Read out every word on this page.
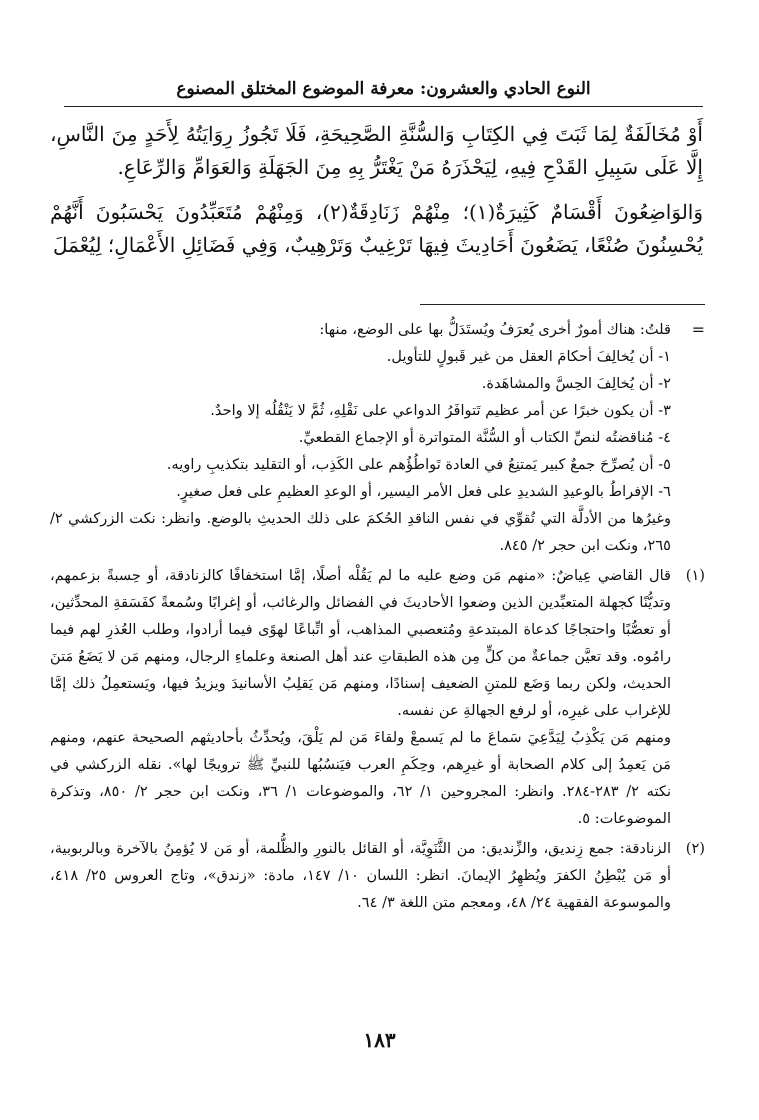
النوع الحادي والعشرون: معرفة الموضوع المختلق المصنوع

أَوْ مُخَالَفَةٌ لِمَا ثَبَتَ فِي الكِتَابِ وَالسُّنَّةِ الصَّحِيحَةِ، فَلَا تَجُوزُ رِوَايَتُهُ لِأَحَدٍ مِنَ النَّاسِ، إِلَّا عَلَى سَبِيلِ القَدْحِ فِيهِ، لِيَحْذَرَهُ مَنْ يَغْتَرُّ بِهِ مِنَ الجَهَلَةِ وَالعَوَامِّ وَالرِّعَاعِ.

وَالوَاضِعُونَ أَقْسَامٌ كَثِيرَةٌ(١)؛ مِنْهُمْ زَنَادِقَةٌ(٢)، وَمِنْهُمْ مُتَعَبِّدُونَ يَحْسَبُونَ أَنَّهُمْ يُحْسِنُونَ صُنْعًا، يَضَعُونَ أَحَادِيثَ فِيهَا تَرْغِيبٌ وَتَرْهِيبٌ، وَفِي فَضَائِلِ الأَعْمَالِ؛ لِيُعْمَلَ

=
قلتُ: هناك أمورٌ أخرى يُعرَفُ ويُستَدَلُّ بها على الوضع، منها:
١- أن يُخالِفَ أحكامَ العقل من غير قَبولٍ للتأويل.
٢- أن يُخالِفَ الحِسَّ والمشاهَدة.
٣- أن يكون خبرًا عن أمر عظيم تَتوافَرُ الدواعي على نَقْلِهِ، ثُمَّ لا يَنْقُلُه إلا واحدٌ.
٤- مُناقضتُه لنصِّ الكتاب أو السُّنَّة المتواترة أو الإجماع القطعيِّ.
٥- أن يُصرِّحَ جمعٌ كبير يَمتنِعُ في العادة تَواطُؤُهم على الكَذِب، أو التقليد بتكذيبِ راويه.
٦- الإفراطُ بالوعيدِ الشديدِ على فعل الأمر اليسير، أو الوعدِ العظيمِ على فعل صغيرٍ.
وغيرُها من الأدلَّة التي تُقوِّي في نفس الناقدِ الحُكمَ على ذلك الحديثِ بالوضع. وانظر: نكت الزركشي ٢/ ٢٦٥، ونكت ابن حجر ٢/ ٨٤٥.
(١)
قال القاضي عِياضٌ: «منهم مَن وضع عليه ما لم يَقُلْه أصلًا، إمَّا استخفافًا كالزنادقة، أو حِسبةً بزعمهم، وتديُّنًا كجهلة المتعبِّدين الذين وضعوا الأحاديثَ في الفضائل والرغائب، أو إغرابًا وسُمعةً كفَسَقةِ المحدِّثين، أو تعصُّبًا واحتجاجًا كدعاة المبتدعةِ ومُتعصبي المذاهب، أو اتِّباعًا لهوًى فيما أرادوا، وطلب العُذرِ لهم فيما رامُوه. وقد تعيَّن جماعةٌ من كلٍّ مِن هذه الطبقاتِ عند أهل الصنعة وعلماءِ الرجال، ومنهم مَن لا يَضَعُ مَتنَ الحديث، ولكن ربما وَضَع للمتنِ الضعيف إسنادًا، ومنهم مَن يَقلِبُ الأسانيدَ ويزيدُ فيها، ويَستعمِلُ ذلك إمَّا للإغراب على غيرِه، أو لرفع الجهالةِ عن نفسه.
ومنهم مَن يَكْذِبُ لِيَدَّعِيَ سَماعَ ما لم يَسمعْ ولقاءَ مَن لم يَلْقَ، ويُحدِّثُ بأحاديثهم الصحيحة عنهم، ومنهم مَن يَعمِدُ إلى كلام الصحابة أو غيرِهم، وحِكَمِ العرب فيَنسُبُها للنبيِّ ﷺ ترويجًا لها». نقله الزركشي في نكته ٢/ ٢٨٣-٢٨٤. وانظر: المجروحين ١/ ٦٢، والموضوعات ١/ ٣٦، ونكت ابن حجر ٢/ ٨٥٠، وتذكرة الموضوعات: ٥.
(٢)
الزنادقة: جمع زِنديق، والزِّنديق: من الثَّنَوِيَّة، أو القائل بالنورِ والظُّلمة، أو مَن لا يُؤمِنُ بالآخرة وبالربوبية، أو مَن يُبْطِنُ الكفرَ ويُظهِرُ الإيمانَ. انظر: اللسان ١٠/ ١٤٧، مادة: «زندق»، وتاج العروس ٢٥/ ٤١٨، والموسوعة الفقهية ٢٤/ ٤٨، ومعجم متن اللغة ٣/ ٦٤.
١٨٣
